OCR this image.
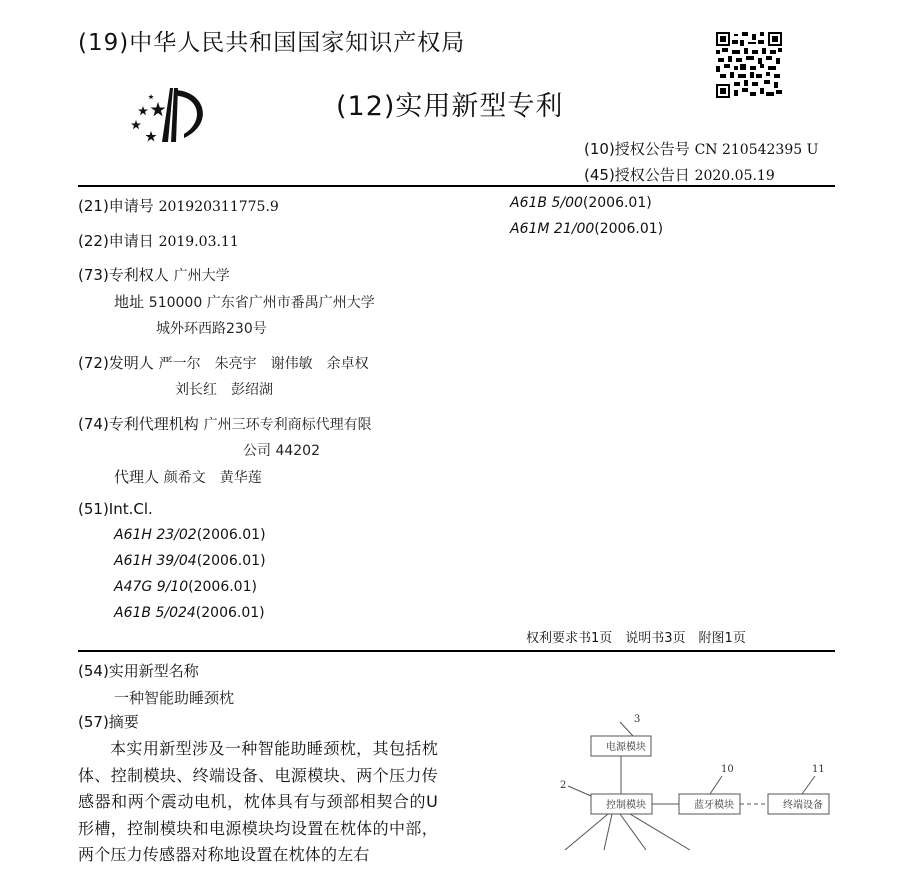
(19)中华人民共和国国家知识产权局
(12)实用新型专利
(10)授权公告号 CN 210542395 U
(45)授权公告日 2020.05.19
(21)申请号 201920311775.9
(22)申请日 2019.03.11
(73)专利权人 广州大学
地址 510000 广东省广州市番禺广州大学
城外环西路230号
(72)发明人 严一尔　朱亮宇　谢伟敏　余卓权
刘长红　彭绍湖
(74)专利代理机构 广州三环专利商标代理有限
公司 44202
代理人 颜希文　黄华莲
(51)Int.Cl.
A61H 23/02(2006.01)
A61H 39/04(2006.01)
A47G 9/10(2006.01)
A61B 5/024(2006.01)
A61B 5/00(2006.01)
A61M 21/00(2006.01)
权利要求书1页　说明书3页　附图1页
(54)实用新型名称
一种智能助睡颈枕
(57)摘要

本实用新型涉及一种智能助睡颈枕，其包括枕体、控制模块、终端设备、电源模块、两个压力传感器和两个震动电机，枕体具有与颈部相契合的U形槽，控制模块和电源模块均设置在枕体的中部，两个压力传感器对称地设置在枕体的左右

电源模块
控制模块	蓝牙模块	终端设备
3
2
10	11
